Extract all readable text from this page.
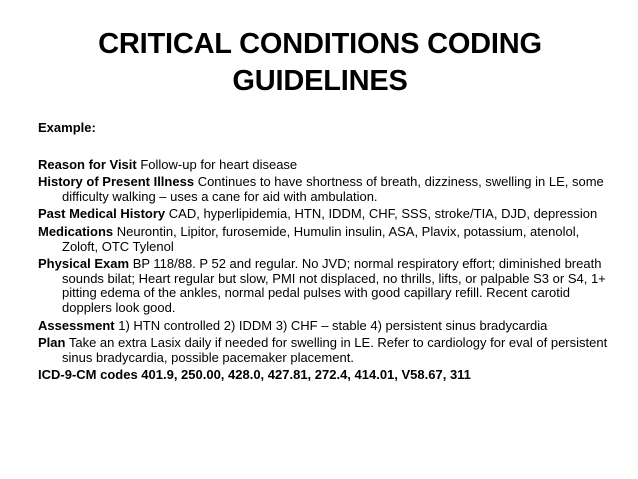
CRITICAL CONDITIONS CODING GUIDELINES
Example:
Reason for Visit Follow-up for heart disease
History of Present Illness Continues to have shortness of breath, dizziness, swelling in LE, some difficulty walking – uses a cane for aid with ambulation.
Past Medical History CAD, hyperlipidemia, HTN, IDDM, CHF, SSS, stroke/TIA, DJD, depression
Medications Neurontin, Lipitor, furosemide, Humulin insulin, ASA, Plavix, potassium, atenolol, Zoloft, OTC Tylenol
Physical Exam BP 118/88. P 52 and regular. No JVD; normal respiratory effort; diminished breath sounds bilat; Heart regular but slow, PMI not displaced, no thrills, lifts, or palpable S3 or S4, 1+ pitting edema of the ankles, normal pedal pulses with good capillary refill. Recent carotid dopplers look good.
Assessment 1) HTN controlled 2) IDDM 3) CHF – stable 4) persistent sinus bradycardia
Plan Take an extra Lasix daily if needed for swelling in LE. Refer to cardiology for eval of persistent sinus bradycardia, possible pacemaker placement.
ICD-9-CM codes 401.9, 250.00, 428.0, 427.81, 272.4, 414.01, V58.67, 311
